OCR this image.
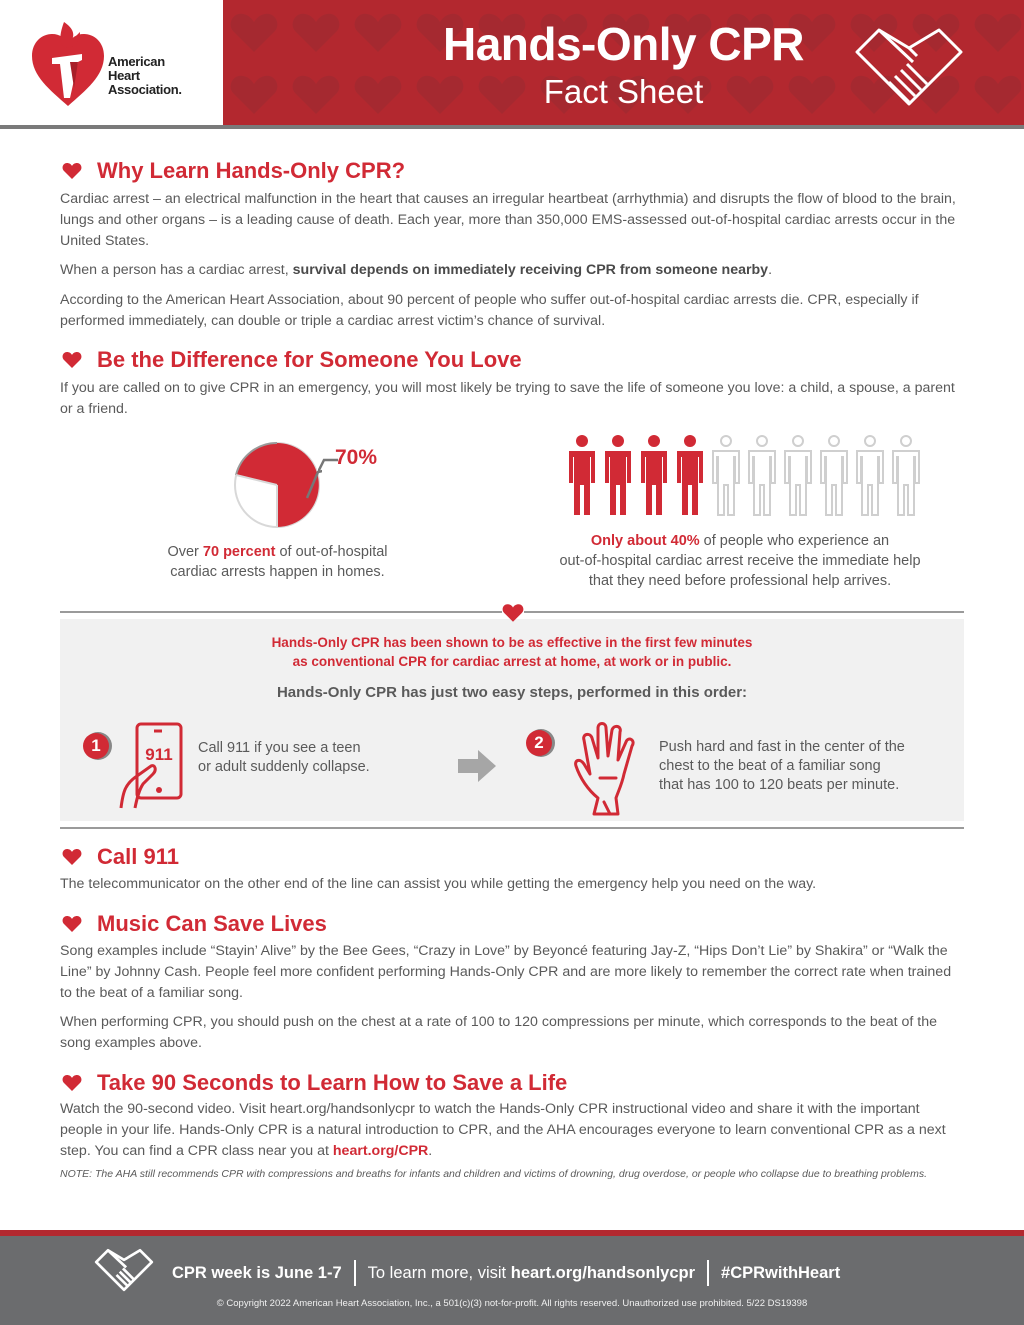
American
Heart
Association.
Hands-Only CPR
Fact Sheet
Why Learn Hands-Only CPR?
Cardiac arrest – an electrical malfunction in the heart that causes an irregular heartbeat (arrhythmia) and disrupts the flow of blood to the brain, lungs and other organs – is a leading cause of death. Each year, more than 350,000 EMS-assessed out-of-hospital cardiac arrests occur in the United States.
When a person has a cardiac arrest, survival depends on immediately receiving CPR from someone nearby.
According to the American Heart Association, about 90 percent of people who suffer out-of-hospital cardiac arrests die. CPR, especially if performed immediately, can double or triple a cardiac arrest victim’s chance of survival.
Be the Difference for Someone You Love
If you are called on to give CPR in an emergency, you will most likely be trying to save the life of someone you love: a child, a spouse, a parent or a friend.
70%
Over 70 percent of out-of-hospital
cardiac arrests happen in homes.
Only about 40% of people who experience an
out-of-hospital cardiac arrest receive the immediate help
that they need before professional help arrives.
Hands-Only CPR has been shown to be as effective in the first few minutes
as conventional CPR for cardiac arrest at home, at work or in public.
Hands-Only CPR has just two easy steps, performed in this order:
1	911 Call 911 if you see a teen
or adult suddenly collapse.
2	Push hard and fast in the center of the
chest to the beat of a familiar song
that has 100 to 120 beats per minute.
Call 911
The telecommunicator on the other end of the line can assist you while getting the emergency help you need on the way.
Music Can Save Lives
Song examples include “Stayin’ Alive” by the Bee Gees, “Crazy in Love” by Beyoncé featuring Jay-Z, “Hips Don’t Lie” by Shakira” or “Walk the Line” by Johnny Cash. People feel more confident performing Hands-Only CPR and are more likely to remember the correct rate when trained to the beat of a familiar song.
When performing CPR, you should push on the chest at a rate of 100 to 120 compressions per minute, which corresponds to the beat of the song examples above.
Take 90 Seconds to Learn How to Save a Life
Watch the 90-second video. Visit heart.org/handsonlycpr to watch the Hands-Only CPR instructional video and share it with the important people in your life. Hands-Only CPR is a natural introduction to CPR, and the AHA encourages everyone to learn conventional CPR as a next step. You can find a CPR class near you at heart.org/CPR.
NOTE: The AHA still recommends CPR with compressions and breaths for infants and children and victims of drowning, drug overdose, or people who collapse due to breathing problems.
CPR week is June 1-7 To learn more, visit
heart.org/handsonlycpr #CPRwithHeart
© Copyright 2022 American Heart Association, Inc., a 501(c)(3) not-for-profit. All rights reserved. Unauthorized use prohibited. 5/22 DS19398
